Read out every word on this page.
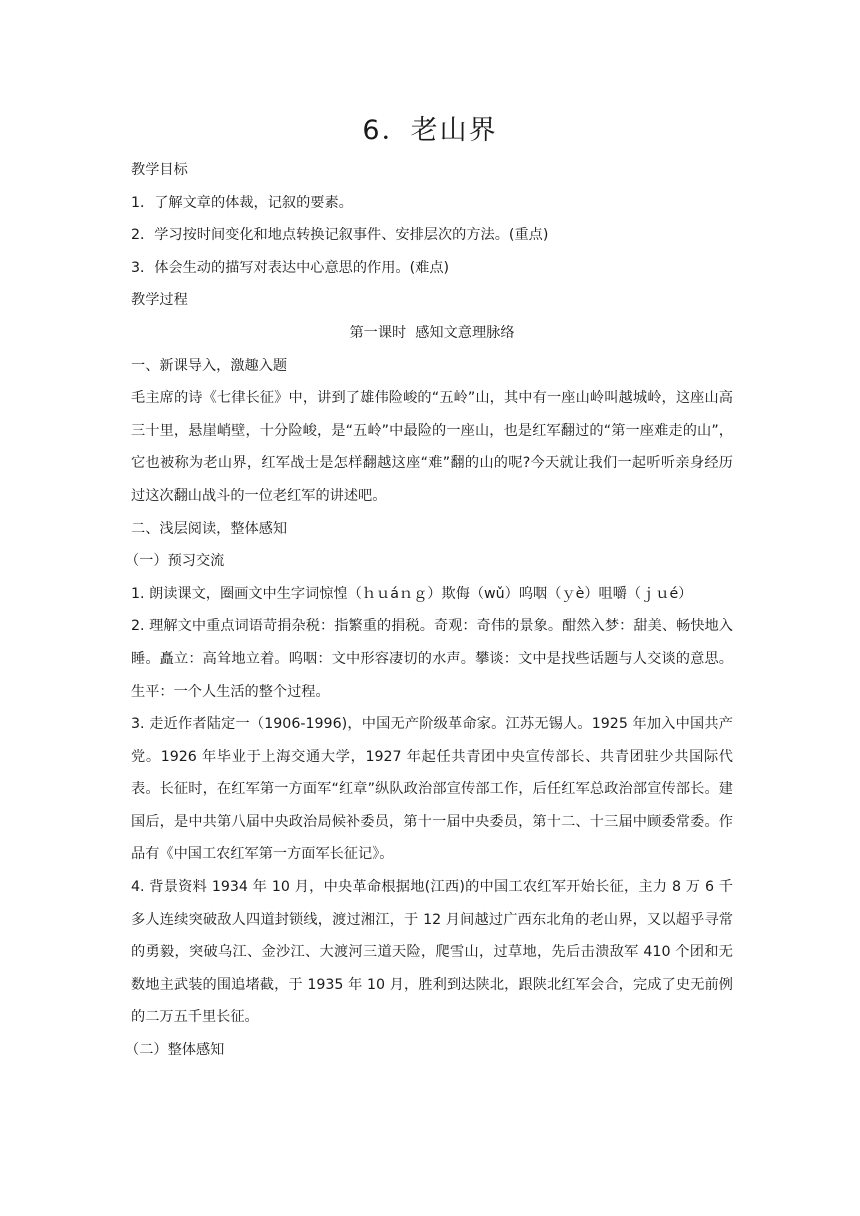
6．老山界

教学目标

1．了解文章的体裁，记叙的要素。

2．学习按时间变化和地点转换记叙事件、安排层次的方法。(重点)

3．体会生动的描写对表达中心意思的作用。(难点)

教学过程

第一课时  感知文意理脉络

一、新课导入，激趣入题

毛主席的诗《七律长征》中，讲到了雄伟险峻的“五岭”山，其中有一座山岭叫越城岭，这座山高三十里，悬崖峭壁，十分险峻，是“五岭”中最险的一座山，也是红军翻过的“第一座难走的山”，它也被称为老山界，红军战士是怎样翻越这座“难”翻的山的呢?今天就让我们一起听听亲身经历过这次翻山战斗的一位老红军的讲述吧。

二、浅层阅读，整体感知

（一）预习交流

1. 朗读课文，圈画文中生字词惊惶（ｈｕáｎｇ）欺侮（wǔ）呜咽（ｙè）咀嚼（ｊｕé）

2. 理解文中重点词语苛捐杂税：指繁重的捐税。奇观：奇伟的景象。酣然入梦：甜美、畅快地入睡。矗立：高耸地立着。呜咽：文中形容凄切的水声。攀谈：文中是找些话题与人交谈的意思。生平：一个人生活的整个过程。

3. 走近作者陆定一（1906-1996)，中国无产阶级革命家。江苏无锡人。1925 年加入中国共产党。1926 年毕业于上海交通大学，1927 年起任共青团中央宣传部长、共青团驻少共国际代表。长征时，在红军第一方面军“红章”纵队政治部宣传部工作，后任红军总政治部宣传部长。建国后，是中共第八届中央政治局候补委员，第十一届中央委员，第十二、十三届中顾委常委。作品有《中国工农红军第一方面军长征记》。

4. 背景资料 1934 年 10 月，中央革命根据地(江西)的中国工农红军开始长征，主力 8 万 6 千多人连续突破敌人四道封锁线，渡过湘江，于 12 月间越过广西东北角的老山界，又以超乎寻常的勇毅，突破乌江、金沙江、大渡河三道天险，爬雪山，过草地，先后击溃敌军 410 个团和无数地主武装的围追堵截，于 1935 年 10 月，胜利到达陕北，跟陕北红军会合，完成了史无前例的二万五千里长征。

（二）整体感知
